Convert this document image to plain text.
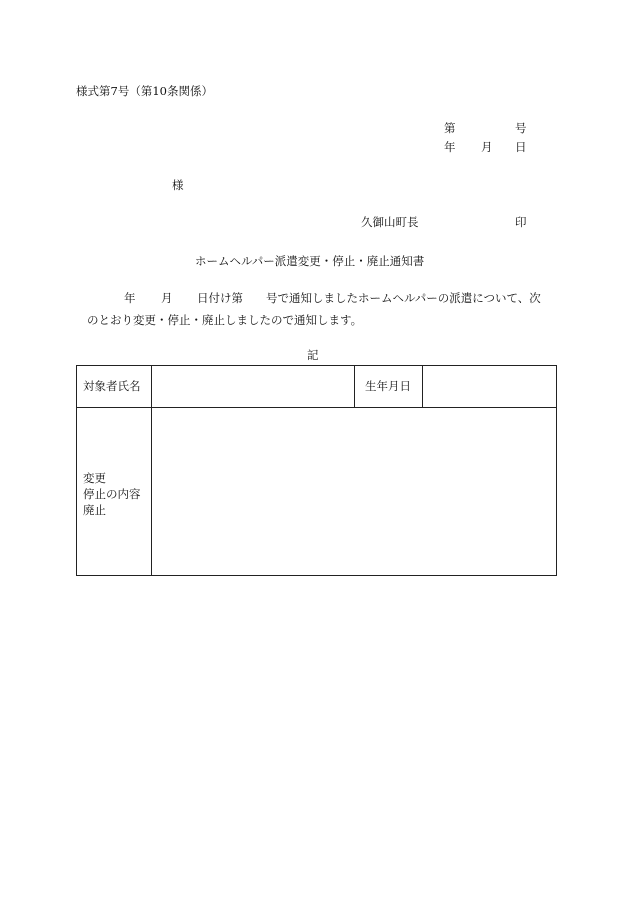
様式第7号（第10条関係）
第	号
年 月 日
様
久御山町長	印
ホームヘルパー派遣変更・停止・廃止通知書
年 月 日付け第 号で通知しましたホームヘルパーの派遣について、次
のとおり変更・停止・廃止しましたので通知します。
記
対象者氏名	生年月日
変更
停止の内容
廃止
